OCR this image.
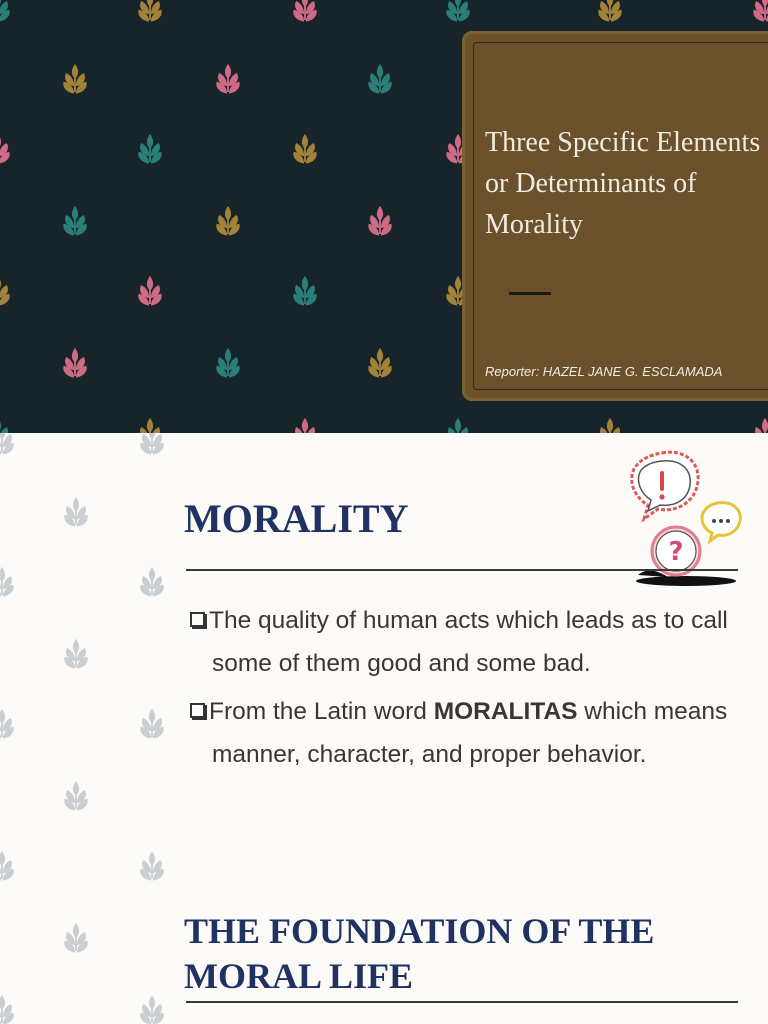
Three Specific Elements or Determinants of Morality
Reporter: HAZEL JANE G. ESCLAMADA
?
MORALITY
The quality of human acts which leads as to call some of them good and some bad.
From the Latin word MORALITAS which means manner, character, and proper behavior.
THE FOUNDATION OF THE MORAL LIFE
